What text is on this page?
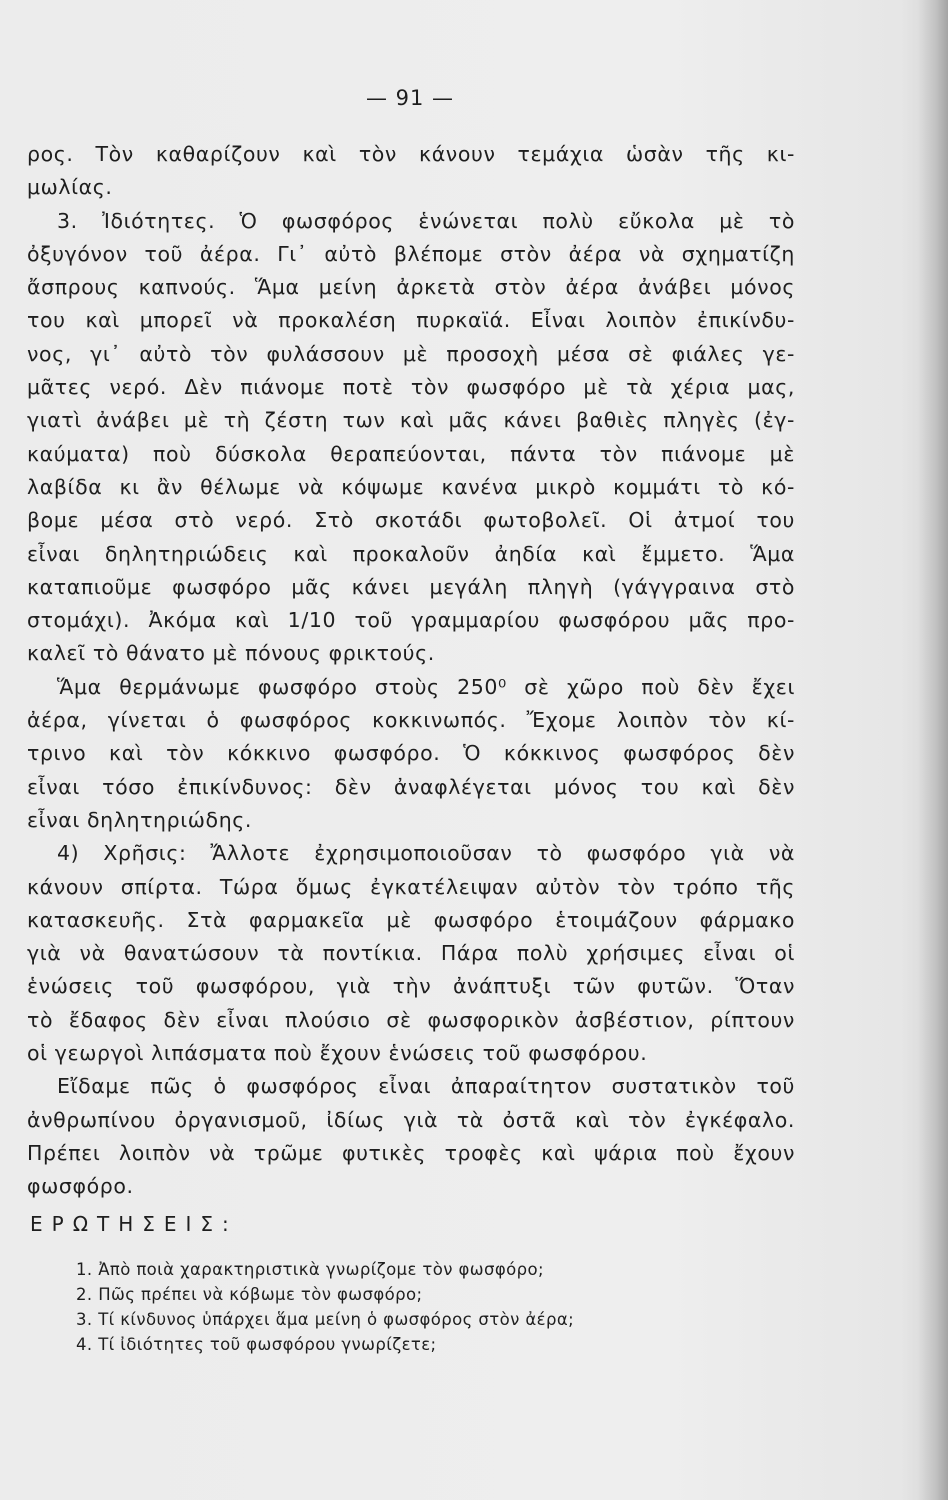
— 91 —
ρος. Τὸν καθαρίζουν καὶ τὸν κάνουν τεμάχια ὡσὰν τῆς κι-
μωλίας.
3. Ἰδιότητες. Ὁ φωσφόρος ἑνώνεται πολὺ εὔκολα μὲ τὸ
ὀξυγόνον τοῦ ἀέρα. Γι᾽ αὐτὸ βλέπομε στὸν ἀέρα νὰ σχηματίζη
ἄσπρους καπνούς. Ἅμα μείνη ἀρκετὰ στὸν ἀέρα ἀνάβει μόνος
του καὶ μπορεῖ νὰ προκαλέση πυρκαϊά. Εἶναι λοιπὸν ἐπικίνδυ-
νος, γι᾽ αὐτὸ τὸν φυλάσσουν μὲ προσοχὴ μέσα σὲ φιάλες γε-
μᾶτες νερό. Δὲν πιάνομε ποτὲ τὸν φωσφόρο μὲ τὰ χέρια μας,
γιατὶ ἀνάβει μὲ τὴ ζέστη των καὶ μᾶς κάνει βαθιὲς πληγὲς (ἐγ-
καύματα) ποὺ δύσκολα θεραπεύονται, πάντα τὸν πιάνομε μὲ
λαβίδα κι ἂν θέλωμε νὰ κόψωμε κανένα μικρὸ κομμάτι τὸ κό-
βομε μέσα στὸ νερό. Στὸ σκοτάδι φωτοβολεῖ. Οἱ ἀτμοί του
εἶναι δηλητηριώδεις καὶ προκαλοῦν ἀηδία καὶ ἔμμετο. Ἅμα
καταπιοῦμε φωσφόρο μᾶς κάνει μεγάλη πληγὴ (γάγγραινα στὸ
στομάχι). Ἀκόμα καὶ 1/10 τοῦ γραμμαρίου φωσφόρου μᾶς προ-
καλεῖ τὸ θάνατο μὲ πόνους φρικτούς.
Ἅμα θερμάνωμε φωσφόρο στοὺς 250⁰ σὲ χῶρο ποὺ δὲν ἔχει
ἀέρα, γίνεται ὁ φωσφόρος κοκκινωπός. Ἔχομε λοιπὸν τὸν κί-
τρινο καὶ τὸν κόκκινο φωσφόρο. Ὁ κόκκινος φωσφόρος δὲν
εἶναι τόσο ἐπικίνδυνος: δὲν ἀναφλέγεται μόνος του καὶ δὲν
εἶναι δηλητηριώδης.
4) Χρῆσις: Ἄλλοτε ἐχρησιμοποιοῦσαν τὸ φωσφόρο γιὰ νὰ
κάνουν σπίρτα. Τώρα ὅμως ἐγκατέλειψαν αὐτὸν τὸν τρόπο τῆς
κατασκευῆς. Στὰ φαρμακεῖα μὲ φωσφόρο ἑτοιμάζουν φάρμακο
γιὰ νὰ θανατώσουν τὰ ποντίκια. Πάρα πολὺ χρήσιμες εἶναι οἱ
ἑνώσεις τοῦ φωσφόρου, γιὰ τὴν ἀνάπτυξι τῶν φυτῶν. Ὅταν
τὸ ἔδαφος δὲν εἶναι πλούσιο σὲ φωσφορικὸν ἀσβέστιον, ρίπτουν
οἱ γεωργοὶ λιπάσματα ποὺ ἔχουν ἑνώσεις τοῦ φωσφόρου.
Εἴδαμε πῶς ὁ φωσφόρος εἶναι ἀπαραίτητον συστατικὸν τοῦ
ἀνθρωπίνου ὀργανισμοῦ, ἰδίως γιὰ τὰ ὀστᾶ καὶ τὸν ἐγκέφαλο.
Πρέπει λοιπὸν νὰ τρῶμε φυτικὲς τροφὲς καὶ ψάρια ποὺ ἔχουν
φωσφόρο.
ΕΡΩΤΗΣΕΙΣ:
1. Ἀπὸ ποιὰ χαρακτηριστικὰ γνωρίζομε τὸν φωσφόρο;
2. Πῶς πρέπει νὰ κόβωμε τὸν φωσφόρο;
3. Τί κίνδυνος ὑπάρχει ἅμα μείνη ὁ φωσφόρος στὸν ἀέρα;
4. Τί ἰδιότητες τοῦ φωσφόρου γνωρίζετε;
